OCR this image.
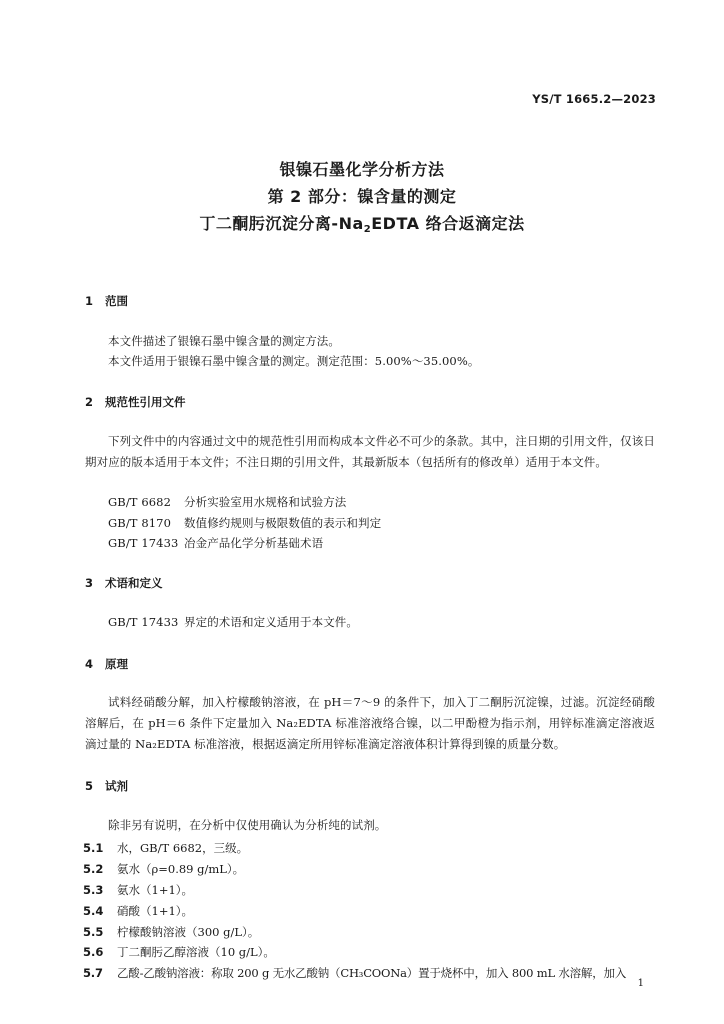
YS/T 1665.2—2023
银镍石墨化学分析方法
第 2 部分：镍含量的测定
丁二酮肟沉淀分离$-Na_2EDTA$ 络合返滴定法
1 范围
本文件描述了银镍石墨中镍含量的测定方法。
本文件适用于银镍石墨中镍含量的测定。测定范围：5.00%～35.00%。
2 规范性引用文件
下列文件中的内容通过文中的规范性引用而构成本文件必不可少的条款。其中，注日期的引用文件，仅该日期对应的版本适用于本文件；不注日期的引用文件，其最新版本（包括所有的修改单）适用于本文件。
GB/T 6682 分析实验室用水规格和试验方法
GB/T 8170 数值修约规则与极限数值的表示和判定
GB/T 17433 冶金产品化学分析基础术语
3 术语和定义
GB/T 17433 界定的术语和定义适用于本文件。
4 原理
试料经硝酸分解，加入柠檬酸钠溶液，在 pH＝7～9 的条件下，加入丁二酮肟沉淀镍，过滤。沉淀经硝酸溶解后，在 pH＝6 条件下定量加入 Na₂EDTA 标准溶液络合镍，以二甲酚橙为指示剂，用锌标准滴定溶液返滴过量的 Na₂EDTA 标准溶液，根据返滴定所用锌标准滴定溶液体积计算得到镍的质量分数。
5 试剂
除非另有说明，在分析中仅使用确认为分析纯的试剂。
5.1 水，GB/T 6682，三级。
5.2 氨水（ρ=0.89 g/mL）。
5.3 氨水（1+1）。
5.4 硝酸（1+1）。
5.5 柠檬酸钠溶液（300 g/L）。
5.6 丁二酮肟乙醇溶液（10 g/L）。
5.7 乙酸-乙酸钠溶液：称取 200 g 无水乙酸钠（CH₃COONa）置于烧杯中，加入 800 mL 水溶解，加入
1
